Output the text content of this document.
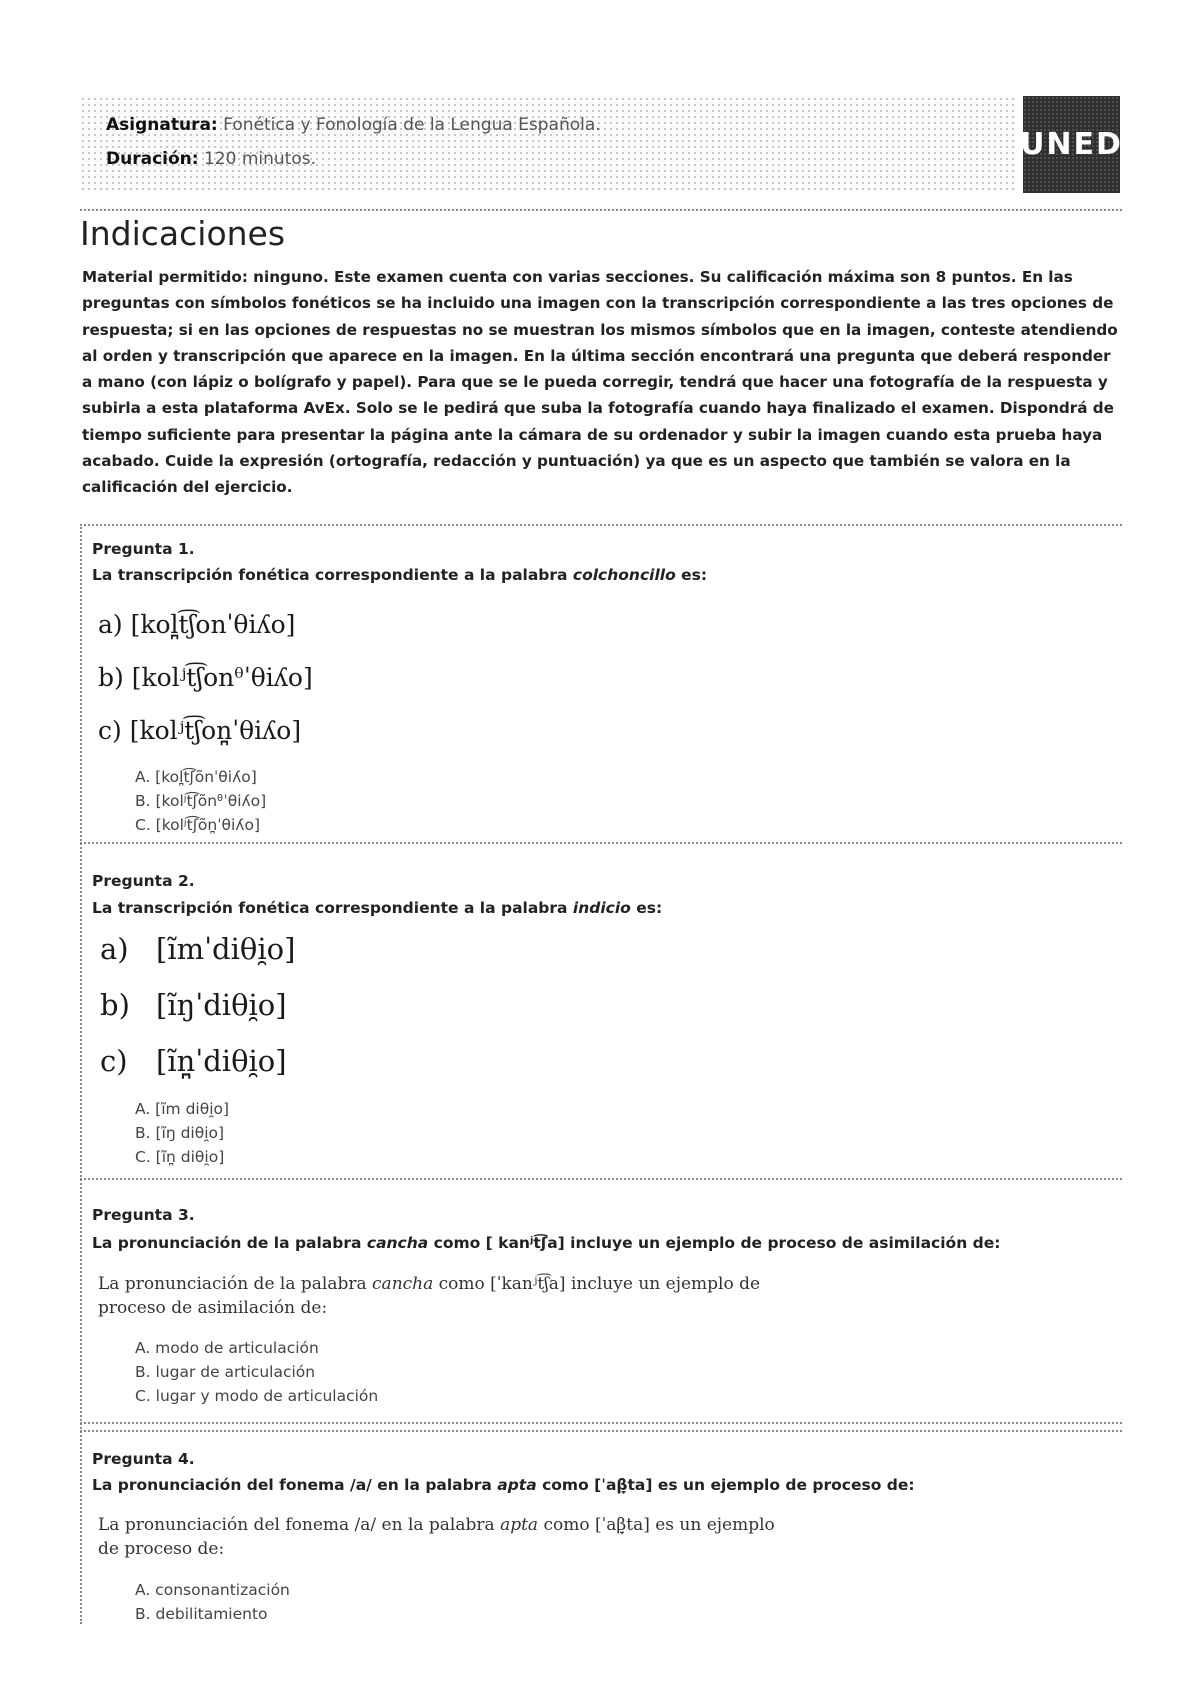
Asignatura: Fonética y Fonología de la Lengua Española.
Duración: 120 minutos.	UNED
Indicaciones
Material permitido: ninguno. Este examen cuenta con varias secciones. Su calificación máxima son 8 puntos. En las preguntas con símbolos fonéticos se ha incluido una imagen con la transcripción correspondiente a las tres opciones de respuesta; si en las opciones de respuestas no se muestran los mismos símbolos que en la imagen, conteste atendiendo al orden y transcripción que aparece en la imagen. En la última sección encontrará una pregunta que deberá responder a mano (con lápiz o bolígrafo y papel). Para que se le pueda corregir, tendrá que hacer una fotografía de la respuesta y subirla a esta plataforma AvEx. Solo se le pedirá que suba la fotografía cuando haya finalizado el examen. Dispondrá de tiempo suficiente para presentar la página ante la cámara de su ordenador y subir la imagen cuando esta prueba haya acabado. Cuide la expresión (ortografía, redacción y puntuación) ya que es un aspecto que también se valora en la calificación del ejercicio.
Pregunta 1.
La transcripción fonética correspondiente a la palabra colchoncillo es:
a) [kol̪t͡ʃonˈθiʎo]
b) [kolʲt͡ʃonᶿˈθiʎo]
c) [kolʲt͡ʃon̪ˈθiʎo]
A. [kol̪t͡ʃõnˈθiʎo]
B. [kolʲt͡ʃõnᶿˈθiʎo]
C. [kolʲt͡ʃõn̪ˈθiʎo]
Pregunta 2.
La transcripción fonética correspondiente a la palabra indicio es:
a) [ĩmˈdiθi̯o]
b) [ĩŋˈdiθi̯o]
c) [ĩn̪ˈdiθi̯o]
A. [ĩm diθi̯o]
B. [ĩŋ diθi̯o]
C. [ĩn̪ diθi̯o]
Pregunta 3.
La pronunciación de la palabra cancha como [ kanʲt͡ʃa] incluye un ejemplo de proceso de asimilación de:
La pronunciación de la palabra cancha como [ˈkanʲt͡ʃa] incluye un ejemplo de proceso de asimilación de:
A. modo de articulación
B. lugar de articulación
C. lugar y modo de articulación
Pregunta 4.
La pronunciación del fonema /a/ en la palabra apta como [ˈaβ̞ta] es un ejemplo de proceso de:
La pronunciación del fonema /a/ en la palabra apta como [ˈaβ̞ta] es un ejemplo de proceso de:
A. consonantización
B. debilitamiento
